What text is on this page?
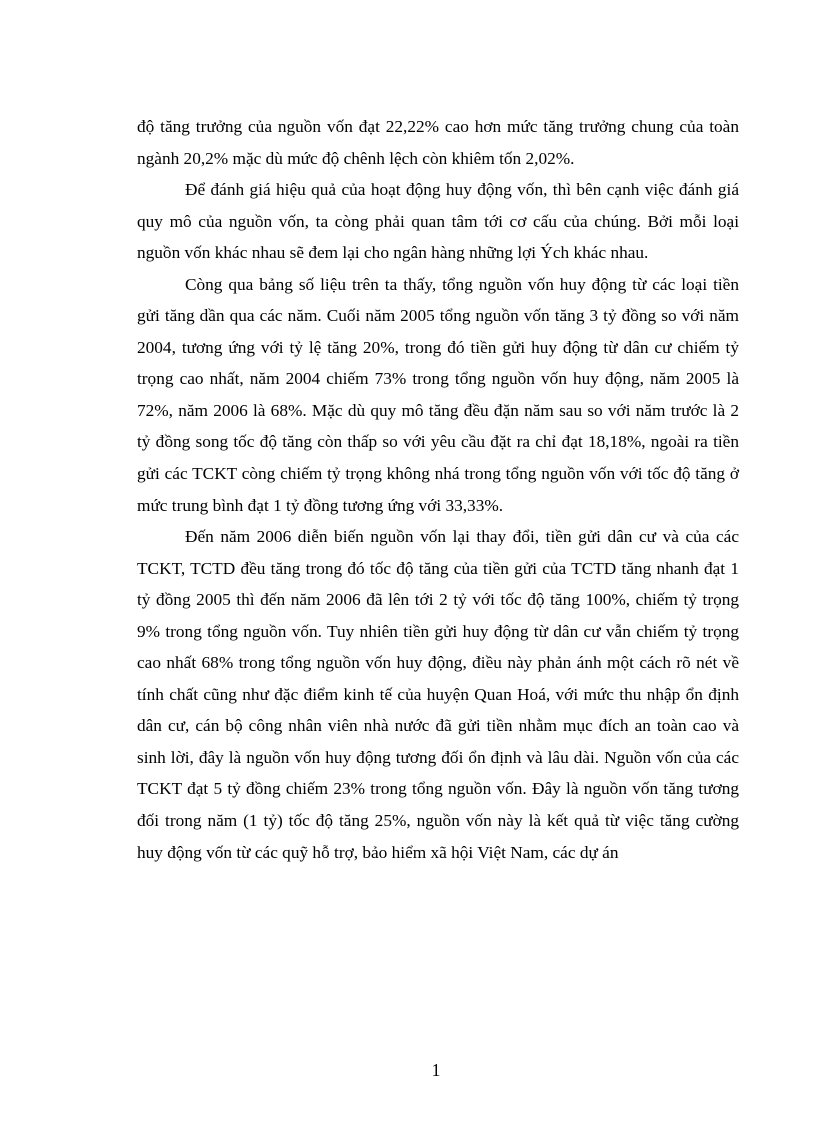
độ tăng trưởng của nguồn vốn đạt 22,22% cao hơn mức tăng trưởng chung của toàn ngành 20,2% mặc dù mức độ chênh lệch còn khiêm tốn 2,02%.

Để đánh giá hiệu quả của hoạt động huy động vốn, thì bên cạnh việc đánh giá quy mô của nguồn vốn, ta còng phải quan tâm tới cơ cấu của chúng. Bởi mỗi loại nguồn vốn khác nhau sẽ đem lại cho ngân hàng những lợi Ých khác nhau.

Còng qua bảng số liệu trên ta thấy, tổng nguồn vốn huy động từ các loại tiền gửi tăng dần qua các năm. Cuối năm 2005 tổng nguồn vốn tăng 3 tỷ đồng so với năm 2004, tương ứng với tỷ lệ tăng 20%, trong đó tiền gửi huy động từ dân cư chiếm tỷ trọng cao nhất, năm 2004 chiếm 73% trong tổng nguồn vốn huy động, năm 2005 là 72%, năm 2006 là 68%. Mặc dù quy mô tăng đều đặn năm sau so với năm trước là 2 tỷ đồng song tốc độ tăng còn thấp so với yêu cầu đặt ra chỉ đạt 18,18%, ngoài ra tiền gửi các TCKT còng chiếm tỷ trọng không nhá trong tổng nguồn vốn với tốc độ tăng ở mức trung bình đạt 1 tỷ đồng tương ứng với 33,33%.

Đến năm 2006 diễn biến nguồn vốn lại thay đổi, tiền gửi dân cư và của các TCKT, TCTD đều tăng trong đó tốc độ tăng của tiền gửi của TCTD tăng nhanh đạt 1 tỷ đồng 2005 thì đến năm 2006 đã lên tới 2 tỷ với tốc độ tăng 100%, chiếm tỷ trọng 9% trong tổng nguồn vốn. Tuy nhiên tiền gửi huy động từ dân cư vẫn chiếm tỷ trọng cao nhất 68% trong tổng nguồn vốn huy động, điều này phản ánh một cách rõ nét về tính chất cũng như đặc điểm kinh tế của huyện Quan Hoá, với mức thu nhập ổn định dân cư, cán bộ công nhân viên nhà nước đã gửi tiền nhằm mục đích an toàn cao và sinh lời, đây là nguồn vốn huy động tương đối ổn định và lâu dài. Nguồn vốn của các TCKT đạt 5 tỷ đồng chiếm 23% trong tổng nguồn vốn. Đây là nguồn vốn tăng tương đối trong năm (1 tỷ) tốc độ tăng 25%, nguồn vốn này là kết quả từ việc tăng cường huy động vốn từ các quỹ hỗ trợ, bảo hiểm xã hội Việt Nam, các dự án

1
